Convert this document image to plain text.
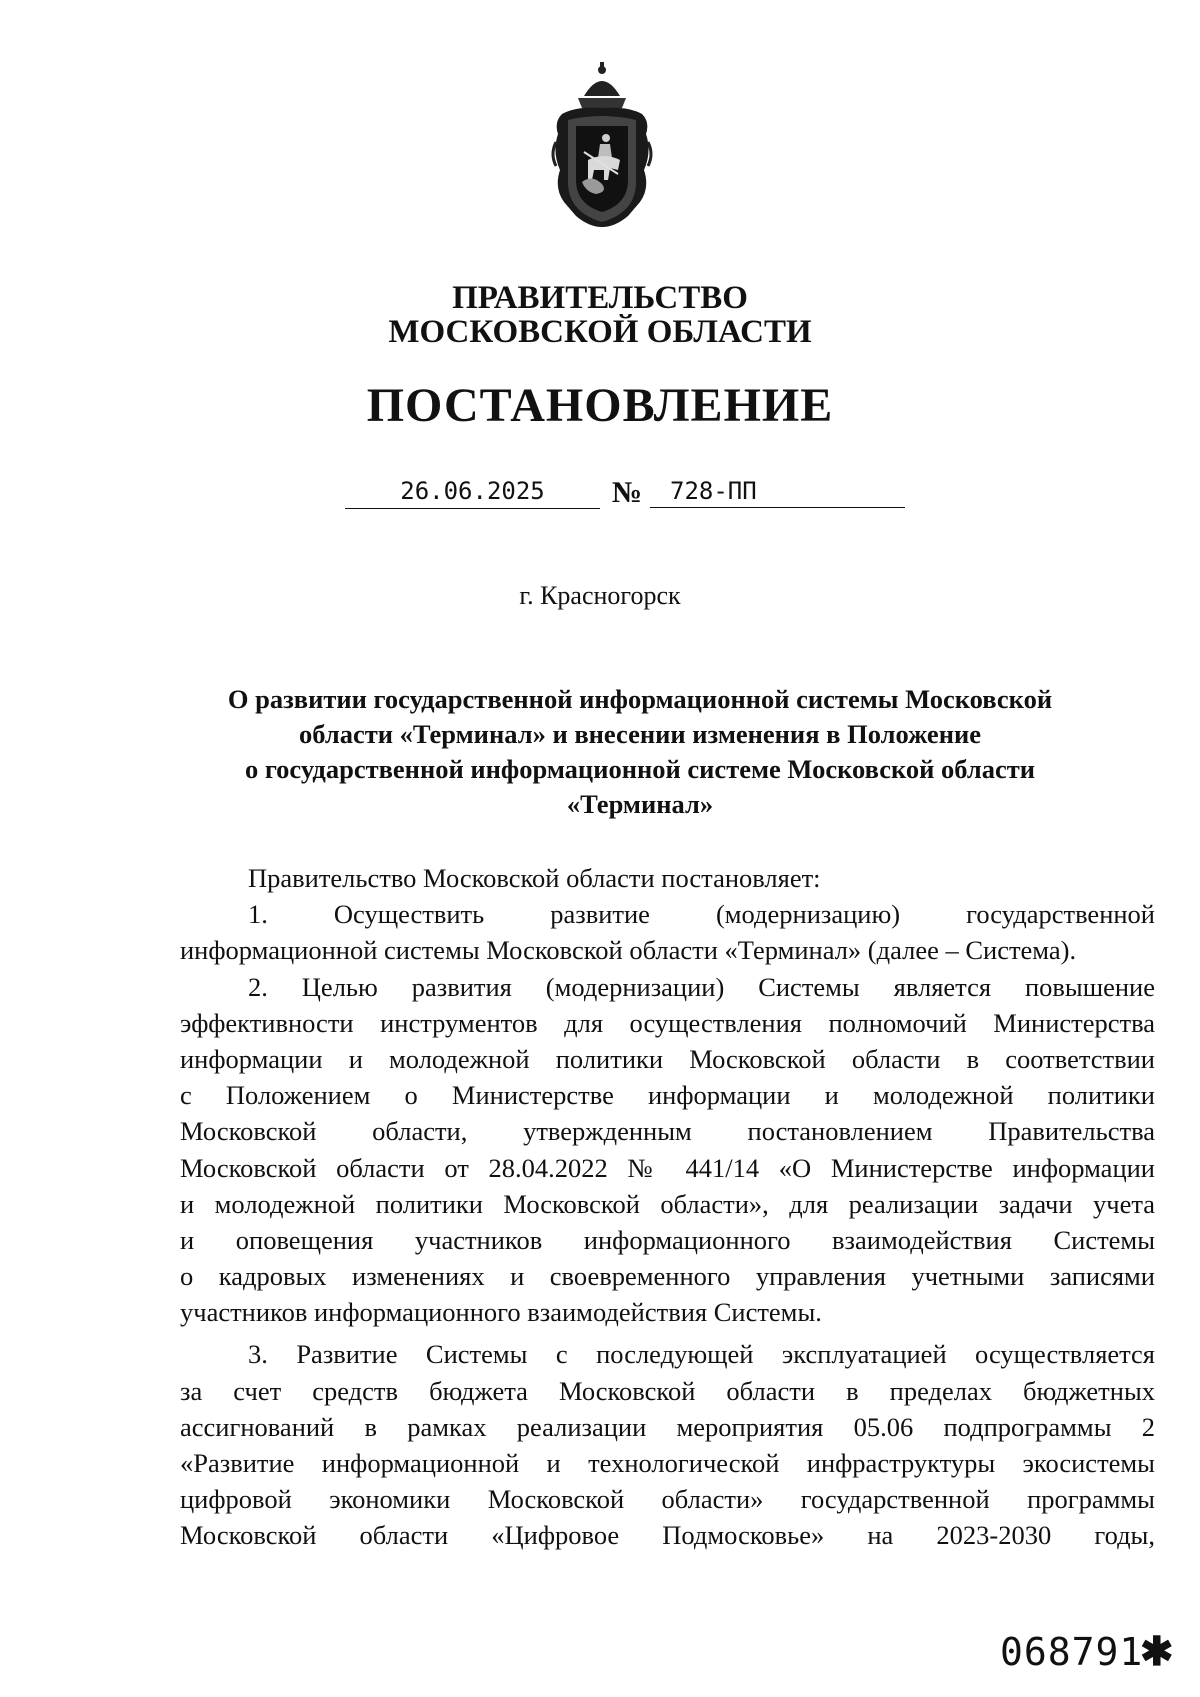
ПРАВИТЕЛЬСТВО
МОСКОВСКОЙ ОБЛАСТИ
ПОСТАНОВЛЕНИЕ
26.06.2025	№	728-ПП
г. Красногорск
О развитии государственной информационной системы Московской
области «Терминал» и внесении изменения в Положение
о государственной информационной системе Московской области
«Терминал»
Правительство Московской области постановляет:
1. Осуществить развитие (модернизацию) государственной
информационной системы Московской области «Терминал» (далее – Система).
2. Целью развития (модернизации) Системы является повышение
эффективности инструментов для осуществления полномочий Министерства
информации и молодежной политики Московской области в соответствии
с Положением о Министерстве информации и молодежной политики
Московской области, утвержденным постановлением Правительства
Московской области от 28.04.2022 № 441/14 «О Министерстве информации
и молодежной политики Московской области», для реализации задачи учета
и оповещения участников информационного взаимодействия Системы
о кадровых изменениях и своевременного управления учетными записями
участников информационного взаимодействия Системы.
3. Развитие Системы с последующей эксплуатацией осуществляется
за счет средств бюджета Московской области в пределах бюджетных
ассигнований в рамках реализации мероприятия 05.06 подпрограммы 2
«Развитие информационной и технологической инфраструктуры экосистемы
цифровой экономики Московской области» государственной программы
Московской области «Цифровое Подмосковье» на 2023-2030 годы,
068791
✱
